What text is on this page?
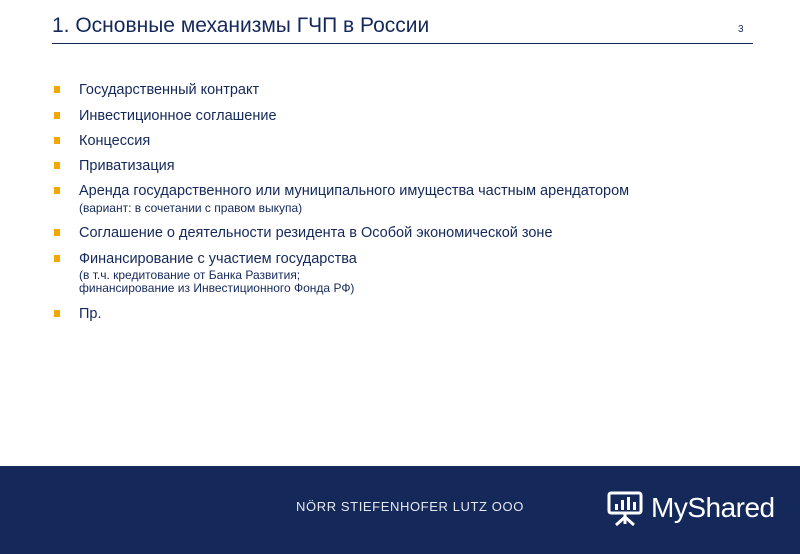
1. Основные механизмы ГЧП в России	3
Государственный контракт
Инвестиционное соглашение
Концессия
Приватизация
Аренда государственного или муниципального имущества частным арендатором
(вариант: в сочетании с правом выкупа)
Соглашение о деятельности резидента в Особой экономической зоне
Финансирование с участием государства
(в т.ч. кредитование от Банка Развития;
финансирование из Инвестиционного Фонда РФ)
Пр.
NÖRR STIEFENHOFER LUTZ OOO	MyShared
